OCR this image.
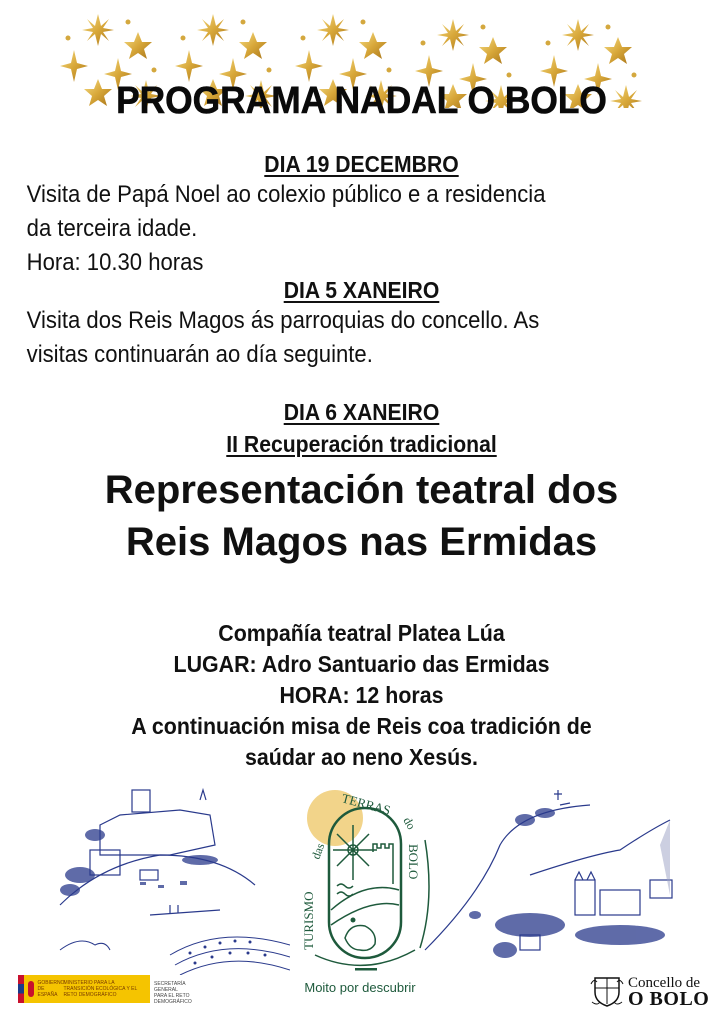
PROGRAMA NADAL O BOLO
DIA 19 DECEMBRO
Visita de Papá Noel ao colexio público e a residencia
da terceira idade.
Hora: 10.30 horas
DIA 5 XANEIRO
Visita dos Reis Magos ás parroquias do concello. As
visitas continuarán ao día seguinte.
DIA 6 XANEIRO
II Recuperación tradicional
Representación teatral dos
Reis Magos nas Ermidas
Compañía teatral Platea Lúa
LUGAR: Adro Santuario das Ermidas
HORA: 12 horas
A continuación misa de Reis coa tradición de
saúdar ao neno Xesús.
TURISMO
das
TERRAS
do
BOLO
Moito por descubrir
GOBIERNO DE ESPAÑA
MINISTERIO PARA LA TRANSICIÓN ECOLÓGICA Y EL RETO DEMOGRÁFICO
SECRETARÍA GENERAL PARA EL RETO DEMOGRÁFICO
Concello de
O BOLO
